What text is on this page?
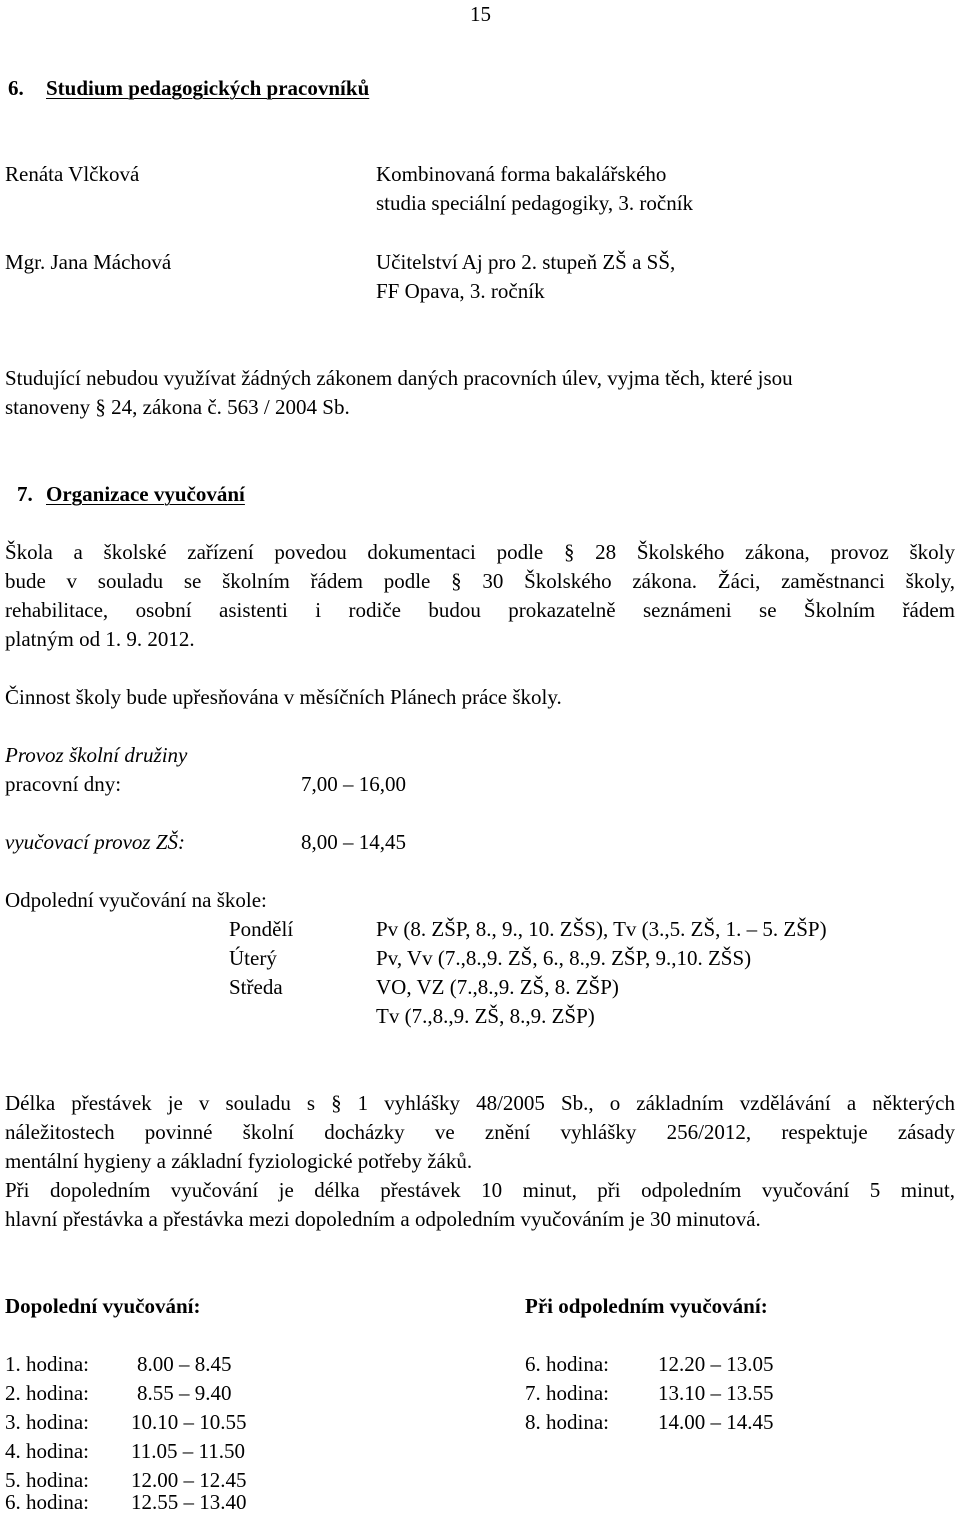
15
6. Studium pedagogických pracovníků
Renáta Vlčková	Kombinovaná forma bakalářského
studia speciální pedagogiky, 3. ročník
Mgr. Jana Máchová	Učitelství Aj pro 2. stupeň ZŠ a SŠ,
FF Opava, 3. ročník
Studující nebudou využívat žádných zákonem daných pracovních úlev, vyjma těch, které jsou
stanoveny § 24, zákona č. 563 / 2004 Sb.
7. Organizace vyučování
Škola a školské zařízení povedou dokumentaci podle § 28 Školského zákona, provoz školy
bude v souladu se školním řádem podle § 30 Školského zákona. Žáci, zaměstnanci školy,
rehabilitace, osobní asistenti i rodiče budou prokazatelně seznámeni se Školním řádem
platným od 1. 9. 2012.
Činnost školy bude upřesňována v měsíčních Plánech práce školy.
Provoz školní družiny
pracovní dny:	7,00 – 16,00
vyučovací provoz ZŠ:	8,00 – 14,45
Odpolední vyučování na škole:
Pondělí	Pv (8. ZŠP, 8., 9., 10. ZŠS), Tv (3.,5. ZŠ, 1. – 5. ZŠP)
Úterý	Pv, Vv (7.,8.,9. ZŠ, 6., 8.,9. ZŠP, 9.,10. ZŠS)
Středa	VO, VZ (7.,8.,9. ZŠ, 8. ZŠP)
Tv (7.,8.,9. ZŠ, 8.,9. ZŠP)
Délka přestávek je v souladu s § 1 vyhlášky 48/2005 Sb., o základním vzdělávání a některých
náležitostech povinné školní docházky ve znění vyhlášky 256/2012, respektuje zásady
mentální hygieny a základní fyziologické potřeby žáků.
Při dopoledním vyučování je délka přestávek 10 minut, při odpoledním vyučování 5 minut,
hlavní přestávka a přestávka mezi dopoledním a odpoledním vyučováním je 30 minutová.
Dopolední vyučování:
1. hodina: 8.00 – 8.45
2. hodina: 8.55 – 9.40
3. hodina: 10.10 – 10.55
4. hodina: 11.05 – 11.50
5. hodina: 12.00 – 12.45
6. hodina: 12.55 – 13.40
Při odpoledním vyučování:
6. hodina: 12.20 – 13.05
7. hodina: 13.10 – 13.55
8. hodina: 14.00 – 14.45
